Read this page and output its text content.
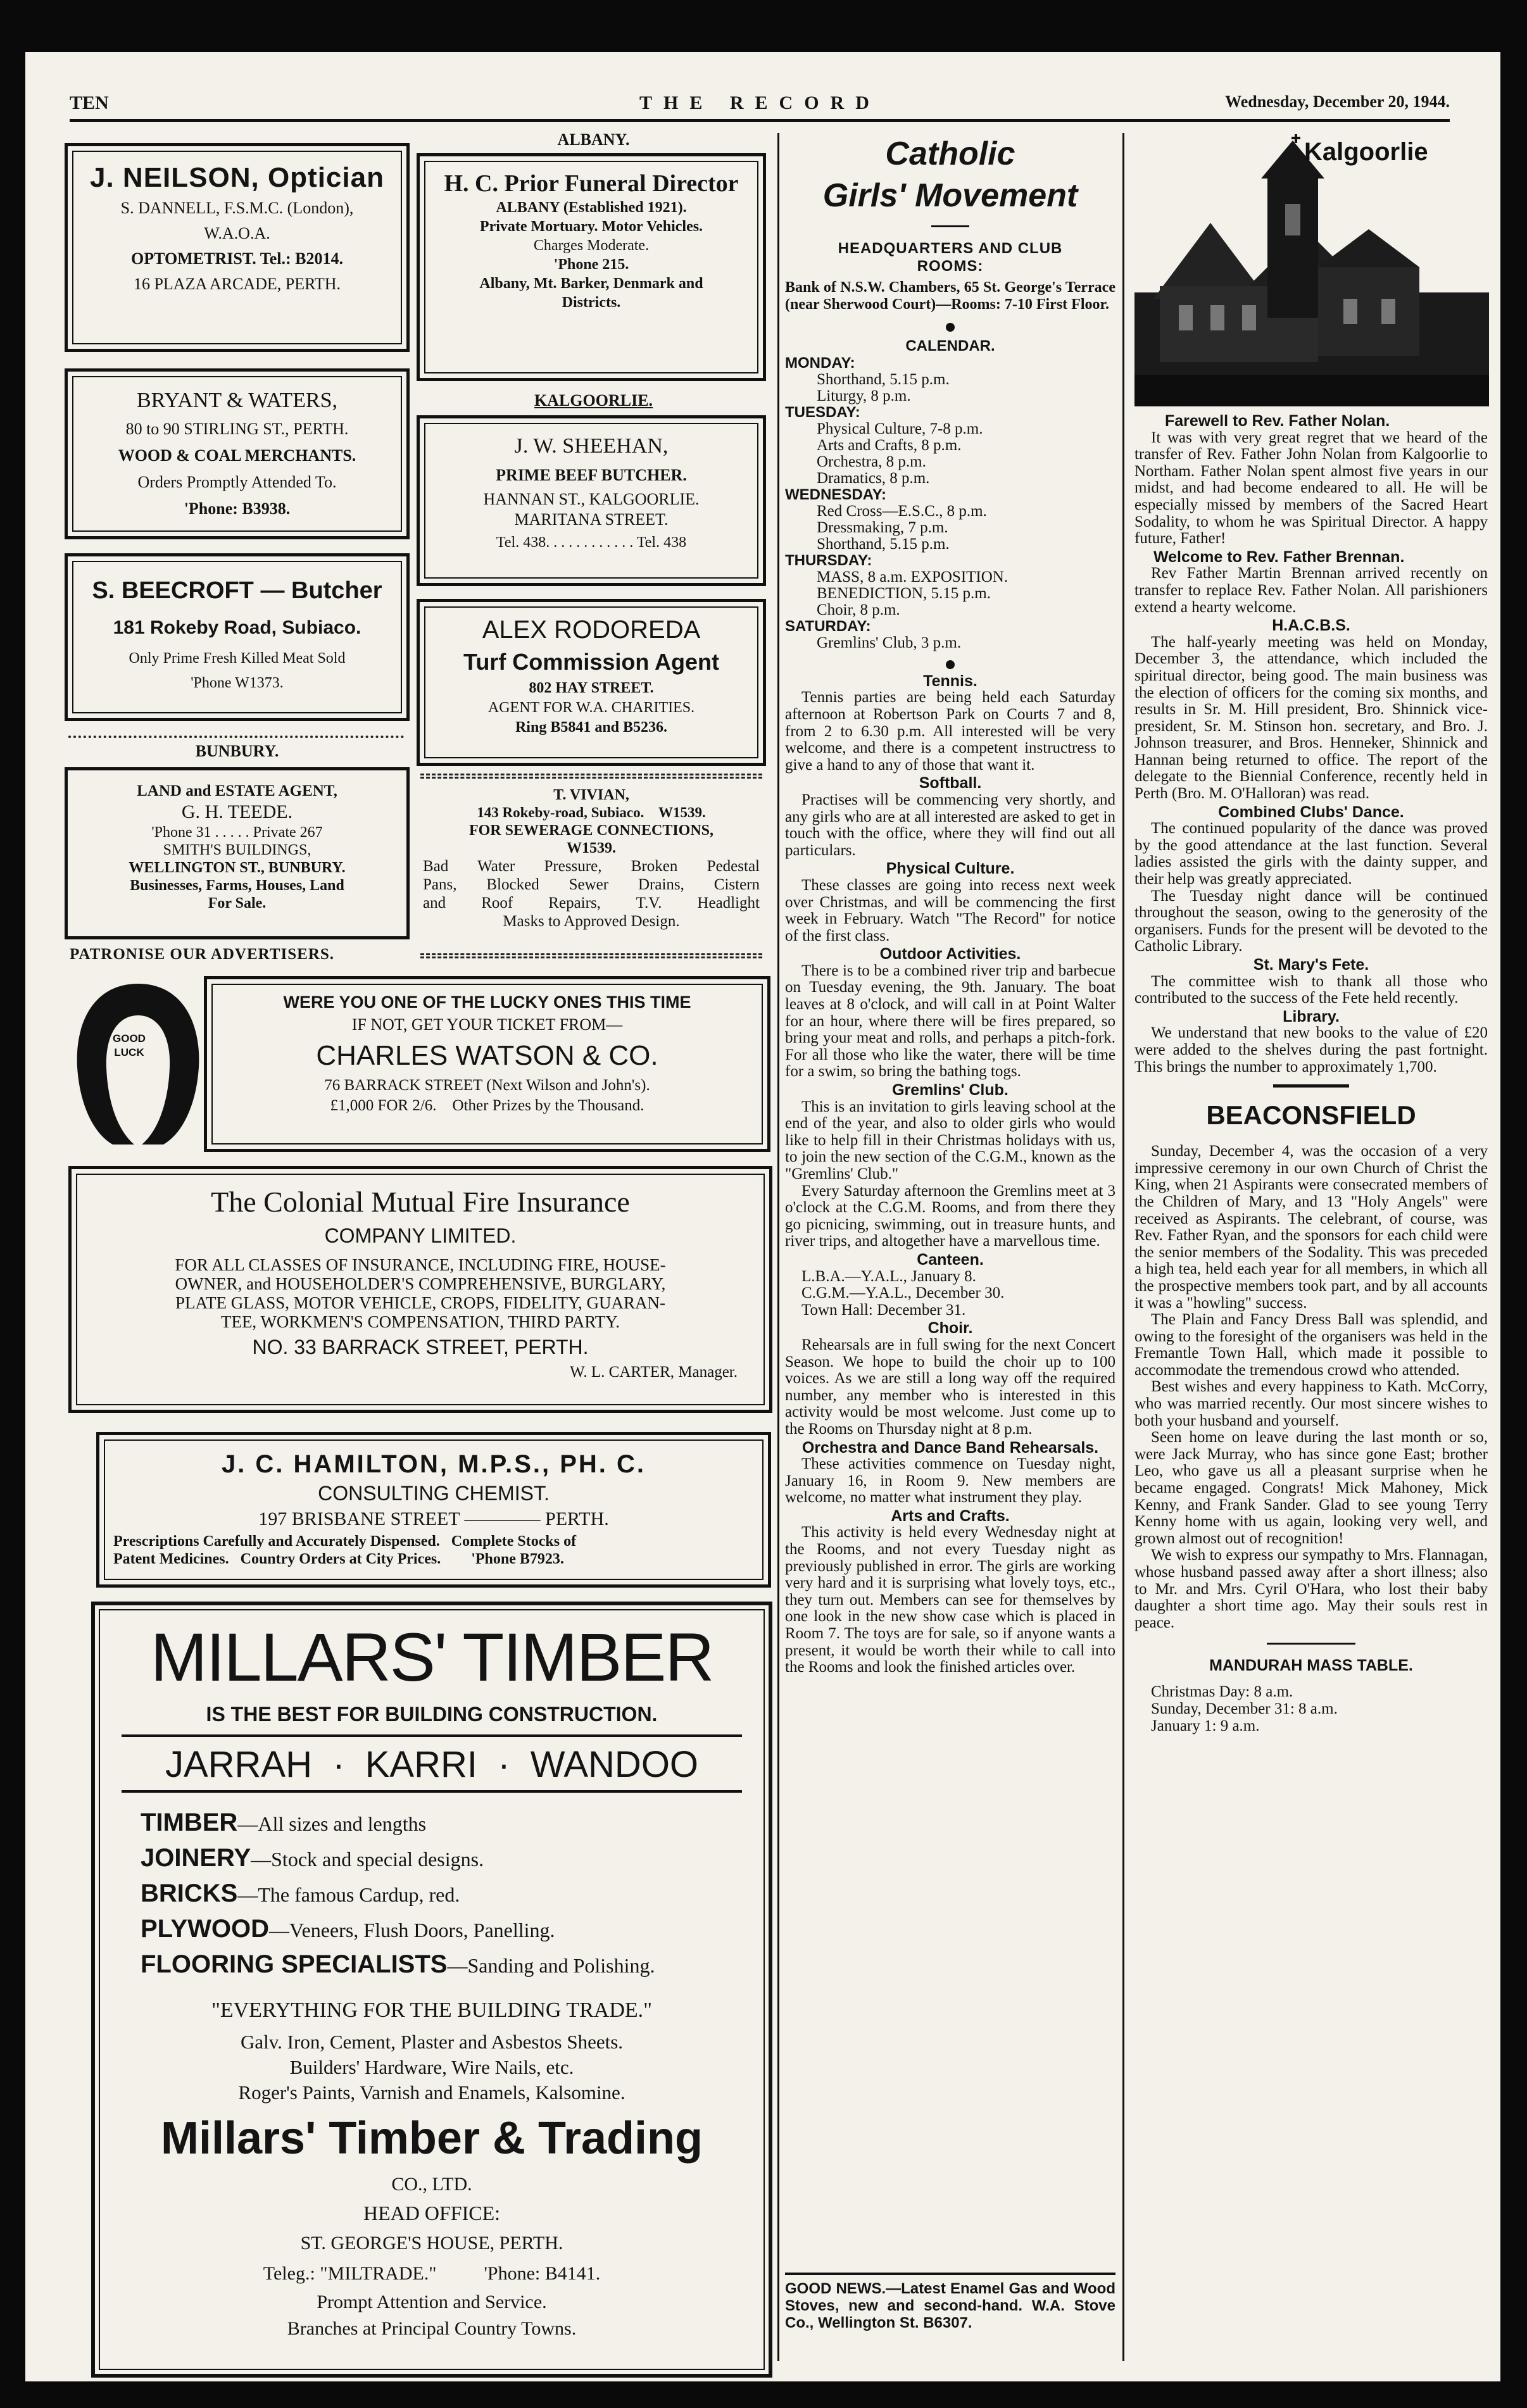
TEN	THE RECORD	Wednesday, December 20, 1944.
J. NEILSON, Optician
S. DANNELL, F.S.M.C. (London),
W.A.O.A.
OPTOMETRIST. Tel.: B2014.
16 PLAZA ARCADE, PERTH.
BRYANT & WATERS,
80 to 90 STIRLING ST., PERTH.
WOOD & COAL MERCHANTS.
Orders Promptly Attended To.
'Phone: B3938.
S. BEECROFT — Butcher
181 Rokeby Road, Subiaco.
Only Prime Fresh Killed Meat Sold
'Phone W1373.
BUNBURY.
LAND and ESTATE AGENT,
G. H. TEEDE.
'Phone 31 . . . . . Private 267
SMITH'S BUILDINGS,
WELLINGTON ST., BUNBURY.
Businesses, Farms, Houses, Land
For Sale.
PATRONISE OUR ADVERTISERS.
ALBANY.
H. C. Prior Funeral Director
ALBANY (Established 1921).
Private Mortuary. Motor Vehicles.
Charges Moderate.
'Phone 215.
Albany, Mt. Barker, Denmark and
Districts.
KALGOORLIE.
J. W. SHEEHAN,
PRIME BEEF BUTCHER.
HANNAN ST., KALGOORLIE.
MARITANA STREET.
Tel. 438. . . . . . . . . . . . Tel. 438
ALEX RODOREDA
Turf Commission Agent
802 HAY STREET.
AGENT FOR W.A. CHARITIES.
Ring B5841 and B5236.
T. VIVIAN,
143 Rokeby-road, Subiaco.    W1539.
FOR SEWERAGE CONNECTIONS,
W1539.
Bad Water Pressure, Broken Pedestal
Pans, Blocked Sewer Drains, Cistern
and Roof Repairs, T.V. Headlight
Masks to Approved Design.
GOOD
LUCK
WERE YOU ONE OF THE LUCKY ONES THIS TIME
IF NOT, GET YOUR TICKET FROM—
CHARLES WATSON & CO.
76 BARRACK STREET (Next Wilson and John's).
£1,000 FOR 2/6.    Other Prizes by the Thousand.
The Colonial Mutual Fire Insurance
COMPANY LIMITED.
FOR ALL CLASSES OF INSURANCE, INCLUDING FIRE, HOUSE-
OWNER, and HOUSEHOLDER'S COMPREHENSIVE, BURGLARY,
PLATE GLASS, MOTOR VEHICLE, CROPS, FIDELITY, GUARAN-
TEE, WORKMEN'S COMPENSATION, THIRD PARTY.
NO. 33 BARRACK STREET, PERTH.
W. L. CARTER, Manager.
J. C. HAMILTON, M.P.S., PH. C.
CONSULTING CHEMIST.
197 BRISBANE STREET ———— PERTH.
Prescriptions Carefully and Accurately Dispensed.   Complete Stocks of
Patent Medicines.   Country Orders at City Prices.        'Phone B7923.
MILLARS' TIMBER
IS THE BEST FOR BUILDING CONSTRUCTION.
JARRAH  ·  KARRI  ·  WANDOO
TIMBER—All sizes and lengths
JOINERY—Stock and special designs.
BRICKS—The famous Cardup, red.
PLYWOOD—Veneers, Flush Doors, Panelling.
FLOORING SPECIALISTS—Sanding and Polishing.
"EVERYTHING FOR THE BUILDING TRADE."
Galv. Iron, Cement, Plaster and Asbestos Sheets.
Builders' Hardware, Wire Nails, etc.
Roger's Paints, Varnish and Enamels, Kalsomine.
Millars' Timber & Trading
CO., LTD.
HEAD OFFICE:
ST. GEORGE'S HOUSE, PERTH.
Teleg.: "MILTRADE."          'Phone: B4141.
Prompt Attention and Service.
Branches at Principal Country Towns.
Catholic
Girls' Movement
HEADQUARTERS AND CLUB ROOMS:

Bank of N.S.W. Chambers, 65 St. George's Terrace (near Sherwood Court)—Rooms: 7-10 First Floor.

CALENDAR.
MONDAY:
Shorthand, 5.15 p.m.
Liturgy, 8 p.m.
TUESDAY:
Physical Culture, 7-8 p.m.
Arts and Crafts, 8 p.m.
Orchestra, 8 p.m.
Dramatics, 8 p.m.
WEDNESDAY:
Red Cross—E.S.C., 8 p.m.
Dressmaking, 7 p.m.
Shorthand, 5.15 p.m.
THURSDAY:
MASS, 8 a.m. EXPOSITION.
BENEDICTION, 5.15 p.m.
Choir, 8 p.m.
SATURDAY:
Gremlins' Club, 3 p.m.
Tennis.

Tennis parties are being held each Saturday afternoon at Robertson Park on Courts 7 and 8, from 2 to 6.30 p.m. All interested will be very welcome, and there is a competent instructress to give a hand to any of those that want it.

Softball.

Practises will be commencing very shortly, and any girls who are at all interested are asked to get in touch with the office, where they will find out all particulars.

Physical Culture.

These classes are going into recess next week over Christmas, and will be commencing the first week in February. Watch "The Record" for notice of the first class.

Outdoor Activities.

There is to be a combined river trip and barbecue on Tuesday evening, the 9th. January. The boat leaves at 8 o'clock, and will call in at Point Walter for an hour, where there will be fires prepared, so bring your meat and rolls, and perhaps a pitch-fork. For all those who like the water, there will be time for a swim, so bring the bathing togs.

Gremlins' Club.

This is an invitation to girls leaving school at the end of the year, and also to older girls who would like to help fill in their Christmas holidays with us, to join the new section of the C.G.M., known as the "Gremlins' Club."

Every Saturday afternoon the Gremlins meet at 3 o'clock at the C.G.M. Rooms, and from there they go picnicing, swimming, out in treasure hunts, and river trips, and altogether have a marvellous time.

Canteen.
L.B.A.—Y.A.L., January 8.
C.G.M.—Y.A.L., December 30.
Town Hall: December 31.
Choir.

Rehearsals are in full swing for the next Concert Season. We hope to build the choir up to 100 voices. As we are still a long way off the required number, any member who is interested in this activity would be most welcome. Just come up to the Rooms on Thursday night at 8 p.m.

Orchestra and Dance Band Rehearsals.

These activities commence on Tuesday night, January 16, in Room 9. New members are welcome, no matter what instrument they play.

Arts and Crafts.

This activity is held every Wednesday night at the Rooms, and not every Tuesday night as previously published in error. The girls are working very hard and it is surprising what lovely toys, etc., they turn out. Members can see for themselves by one look in the new show case which is placed in Room 7. The toys are for sale, so if anyone wants a present, it would be worth their while to call into the Rooms and look the finished articles over.

GOOD NEWS.—Latest Enamel Gas and Wood Stoves, new and second-hand. W.A. Stove Co., Wellington St. B6307.
Kalgoorlie
Farewell to Rev. Father Nolan.

It was with very great regret that we heard of the transfer of Rev. Father John Nolan from Kalgoorlie to Northam. Father Nolan spent almost five years in our midst, and had become endeared to all. He will be especially missed by members of the Sacred Heart Sodality, to whom he was Spiritual Director. A happy future, Father!

Welcome to Rev. Father Brennan.

Rev Father Martin Brennan arrived recently on transfer to replace Rev. Father Nolan. All parishioners extend a hearty welcome.

H.A.C.B.S.

The half-yearly meeting was held on Monday, December 3, the attendance, which included the spiritual director, being good. The main business was the election of officers for the coming six months, and results in Sr. M. Hill president, Bro. Shinnick vice-president, Sr. M. Stinson hon. secretary, and Bro. J. Johnson treasurer, and Bros. Henneker, Shinnick and Hannan being returned to office. The report of the delegate to the Biennial Conference, recently held in Perth (Bro. M. O'Halloran) was read.

Combined Clubs' Dance.

The continued popularity of the dance was proved by the good attendance at the last function. Several ladies assisted the girls with the dainty supper, and their help was greatly appreciated.

The Tuesday night dance will be continued throughout the season, owing to the generosity of the organisers. Funds for the present will be devoted to the Catholic Library.

St. Mary's Fete.

The committee wish to thank all those who contributed to the success of the Fete held recently.

Library.

We understand that new books to the value of £20 were added to the shelves during the past fortnight. This brings the number to approximately 1,700.

BEACONSFIELD

Sunday, December 4, was the occasion of a very impressive ceremony in our own Church of Christ the King, when 21 Aspirants were consecrated members of the Children of Mary, and 13 "Holy Angels" were received as Aspirants. The celebrant, of course, was Rev. Father Ryan, and the sponsors for each child were the senior members of the Sodality. This was preceded a high tea, held each year for all members, in which all the prospective members took part, and by all accounts it was a "howling" success.

The Plain and Fancy Dress Ball was splendid, and owing to the foresight of the organisers was held in the Fremantle Town Hall, which made it possible to accommodate the tremendous crowd who attended.

Best wishes and every happiness to Kath. McCorry, who was married recently. Our most sincere wishes to both your husband and yourself.

Seen home on leave during the last month or so, were Jack Murray, who has since gone East; brother Leo, who gave us all a pleasant surprise when he became engaged. Congrats! Mick Mahoney, Mick Kenny, and Frank Sander. Glad to see young Terry Kenny home with us again, looking very well, and grown almost out of recognition!

We wish to express our sympathy to Mrs. Flannagan, whose husband passed away after a short illness; also to Mr. and Mrs. Cyril O'Hara, who lost their baby daughter a short time ago. May their souls rest in peace.

MANDURAH MASS TABLE.
Christmas Day: 8 a.m.
Sunday, December 31: 8 a.m.
January 1: 9 a.m.
